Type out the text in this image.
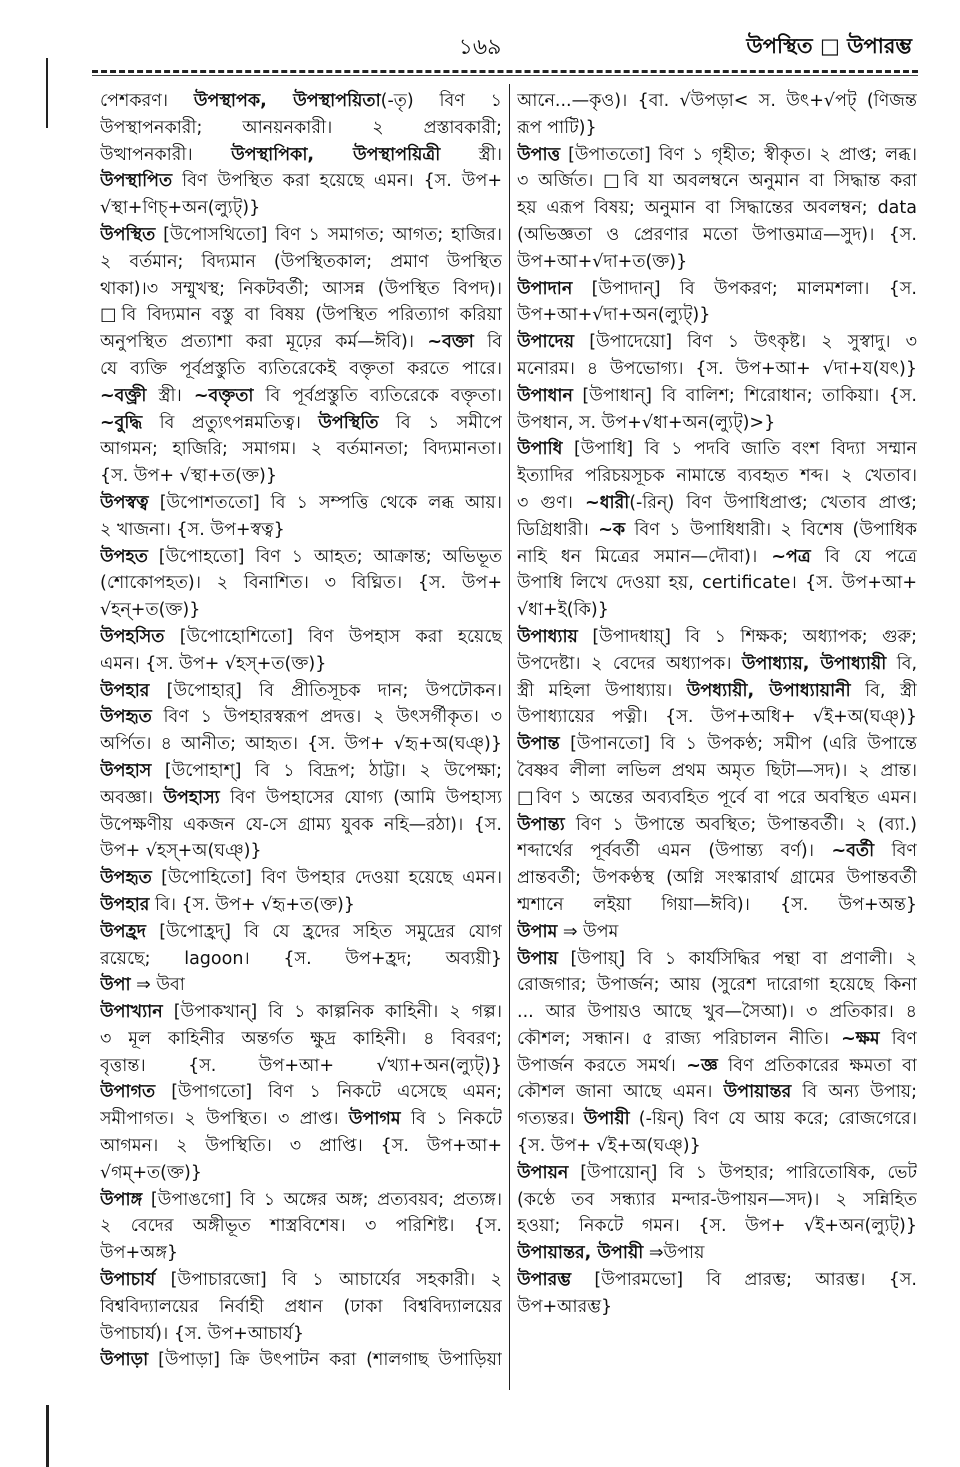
১৬৯	উপস্থিত □ উপারম্ভ
পেশকরণ। উপস্থাপক, উপস্থাপয়িতা(-তৃ) বিণ ১
উপস্থাপনকারী; আনয়নকারী। ২ প্রস্তাবকারী;
উত্থাপনকারী। উপস্থাপিকা, উপস্থাপয়িত্রী স্ত্রী।
উপস্থাপিত বিণ উপস্থিত করা হয়েছে এমন। {স. উপ+
√স্থা+ণিচ্+অন(ল্যুট্)}
উপস্থিত [উপোসথিতো] বিণ ১ সমাগত; আগত; হাজির।
২ বর্তমান; বিদ্যমান (উপস্থিতকাল; প্রমাণ উপস্থিত
থাকা)।৩ সম্মুখস্থ; নিকটবর্তী; আসন্ন (উপস্থিত বিপদ)।
□বি বিদ্যমান বস্তু বা বিষয় (উপস্থিত পরিত্যাগ করিয়া
অনুপস্থিত প্রত্যাশা করা মূঢ়ের কর্ম—ঈবি)। ~বক্তা বি
যে ব্যক্তি পূর্বপ্রস্তুতি ব্যতিরেকেই বক্তৃতা করতে পারে।
~বক্ত্রী স্ত্রী। ~বক্তৃতা বি পূর্বপ্রস্তুতি ব্যতিরেকে বক্তৃতা।
~বুদ্ধি বি প্রত্যুৎপন্নমতিত্ব। উপস্থিতি বি ১ সমীপে
আগমন; হাজিরি; সমাগম। ২ বর্তমানতা; বিদ্যমানতা।
{স. উপ+ √স্থা+ত(ক্ত)}
উপস্বত্ব [উপোশততো] বি ১ সম্পত্তি থেকে লব্ধ আয়।
২ খাজনা। {স. উপ+স্বত্ব}
উপহত [উপোহতো] বিণ ১ আহত; আক্রান্ত; অভিভূত
(শোকোপহত)। ২ বিনাশিত। ৩ বিঘ্নিত। {স. উপ+
√হন্+ত(ক্ত)}
উপহসিত [উপোহোশিতো] বিণ উপহাস করা হয়েছে
এমন। {স. উপ+ √হস্+ত(ক্ত)}
উপহার [উপোহার্] বি প্রীতিসূচক দান; উপঢৌকন।
উপহৃত বিণ ১ উপহারস্বরূপ প্রদত্ত। ২ উৎসর্গীকৃত। ৩
অর্পিত। ৪ আনীত; আহৃত। {স. উপ+ √হৃ+অ(ঘঞ্)}
উপহাস [উপোহাশ্] বি ১ বিদ্রূপ; ঠাট্টা। ২ উপেক্ষা;
অবজ্ঞা। উপহাস্য বিণ উপহাসের যোগ্য (আমি উপহাস্য
উপেক্ষণীয় একজন যে-সে গ্রাম্য যুবক নহি—রঠা)। {স.
উপ+ √হস্+অ(ঘঞ্)}
উপহৃত [উপোহিতো] বিণ উপহার দেওয়া হয়েছে এমন।
উপহার বি। {স. উপ+ √হৃ+ত(ক্ত)}
উপহ্রদ [উপোহ্রদ্] বি যে হ্রদের সহিত সমুদ্রের যোগ
রয়েছে; lagoon। {স. উপ+হ্রদ; অব্যয়ী}
উপা ⇒ উবা
উপাখ্যান [উপাকখান্] বি ১ কাল্পনিক কাহিনী। ২ গল্প।
৩ মূল কাহিনীর অন্তর্গত ক্ষুদ্র কাহিনী। ৪ বিবরণ;
বৃত্তান্ত। {স. উপ+আ+ √খ্যা+অন(ল্যুট্)}
উপাগত [উপাগতো] বিণ ১ নিকটে এসেছে এমন;
সমীপাগত। ২ উপস্থিত। ৩ প্রাপ্ত। উপাগম বি ১ নিকটে
আগমন। ২ উপস্থিতি। ৩ প্রাপ্তি। {স. উপ+আ+
√গম্+ত(ক্ত)}
উপাঙ্গ [উপাঙগো] বি ১ অঙ্গের অঙ্গ; প্রত্যবয়ব; প্রত্যঙ্গ।
২ বেদের অঙ্গীভূত শাস্ত্রবিশেষ। ৩ পরিশিষ্ট। {স.
উপ+অঙ্গ}
উপাচার্য [উপাচারজো] বি ১ আচার্যের সহকারী। ২
বিশ্ববিদ্যালয়ের নির্বাহী প্রধান (ঢাকা বিশ্ববিদ্যালয়ের
উপাচার্য)। {স. উপ+আচার্য}
উপাড়া [উপাড়া] ক্রি উৎপাটন করা (শালগাছ উপাড়িয়া
আনে...—কৃও)। {বা. √উপড়া< স. উৎ+√পট্ (ণিজন্ত
রূপ পাটি)}
উপাত্ত [উপাততো] বিণ ১ গৃহীত; স্বীকৃত। ২ প্রাপ্ত; লব্ধ।
৩ অর্জিত। □বি যা অবলম্বনে অনুমান বা সিদ্ধান্ত করা
হয় এরূপ বিষয়; অনুমান বা সিদ্ধান্তের অবলম্বন; data
(অভিজ্ঞতা ও প্রেরণার মতো উপাত্তমাত্র—সুদ)। {স.
উপ+আ+√দা+ত(ক্ত)}
উপাদান [উপাদান্] বি উপকরণ; মালমশলা। {স.
উপ+আ+√দা+অন(ল্যুট্)}
উপাদেয় [উপাদেয়ো] বিণ ১ উৎকৃষ্ট। ২ সুস্বাদু। ৩
মনোরম। ৪ উপভোগ্য। {স. উপ+আ+ √দা+য(যৎ)}
উপাধান [উপাধান্] বি বালিশ; শিরোধান; তাকিয়া। {স.
উপধান, স. উপ+√ধা+অন(ল্যুট্)>}
উপাধি [উপাধি] বি ১ পদবি জাতি বংশ বিদ্যা সম্মান
ইত্যাদির পরিচয়সূচক নামান্তে ব্যবহৃত শব্দ। ২ খেতাব।
৩ গুণ। ~ধারী(-রিন্) বিণ উপাধিপ্রাপ্ত; খেতাব প্রাপ্ত;
ডিগ্রিধারী। ~ক বিণ ১ উপাধিধারী। ২ বিশেষ (উপাধিক
নাহি ধন মিত্রের সমান—দৌবা)। ~পত্র বি যে পত্রে
উপাধি লিখে দেওয়া হয়, certificate। {স. উপ+আ+
√ধা+ই(কি)}
উপাধ্যায় [উপাদধায়্] বি ১ শিক্ষক; অধ্যাপক; গুরু;
উপদেষ্টা। ২ বেদের অধ্যাপক। উপাধ্যায়, উপাধ্যায়ী বি,
স্ত্রী মহিলা উপাধ্যায়। উপধ্যায়ী, উপাধ্যায়ানী বি, স্ত্রী
উপাধ্যায়ের পত্নী। {স. উপ+অধি+ √ই+অ(ঘঞ্)}
উপান্ত [উপানতো] বি ১ উপকণ্ঠ; সমীপ (এরি উপান্তে
বৈষ্ণব লীলা লভিল প্রথম অমৃত ছিটা—সদ)। ২ প্রান্ত।
□বিণ ১ অন্তের অব্যবহিত পূর্বে বা পরে অবস্থিত এমন।
উপান্ত্য বিণ ১ উপান্তে অবস্থিত; উপান্তবর্তী। ২ (ব্যা.)
শব্দার্থের পূর্ববর্তী এমন (উপান্ত্য বর্ণ)। ~বর্তী বিণ
প্রান্তবর্তী; উপকণ্ঠস্থ (অগ্নি সংস্কারার্থ গ্রামের উপান্তবর্তী
শ্মশানে লইয়া গিয়া—ঈবি)। {স. উপ+অন্ত}
উপাম ⇒ উপম
উপায় [উপায়্] বি ১ কার্যসিদ্ধির পন্থা বা প্রণালী। ২
রোজগার; উপার্জন; আয় (সুরেশ দারোগা হয়েছে কিনা
... আর উপায়ও আছে খুব—সৈআ)। ৩ প্রতিকার। ৪
কৌশল; সন্ধান। ৫ রাজ্য পরিচালন নীতি। ~ক্ষম বিণ
উপার্জন করতে সমর্থ। ~জ্ঞ বিণ প্রতিকারের ক্ষমতা বা
কৌশল জানা আছে এমন। উপায়ান্তর বি অন্য উপায়;
গত্যন্তর। উপায়ী (-য়িন্) বিণ যে আয় করে; রোজগেরে।
{স. উপ+ √ই+অ(ঘঞ্)}
উপায়ন [উপায়োন্] বি ১ উপহার; পারিতোষিক, ভেট
(কণ্ঠে তব সন্ধ্যার মন্দার-উপায়ন—সদ)। ২ সন্নিহিত
হওয়া; নিকটে গমন। {স. উপ+ √ই+অন(ল্যুট্)}
উপায়ান্তর, উপায়ী ⇒উপায়
উপারম্ভ [উপারমভো] বি প্রারম্ভ; আরম্ভ। {স.
উপ+আরম্ভ}
